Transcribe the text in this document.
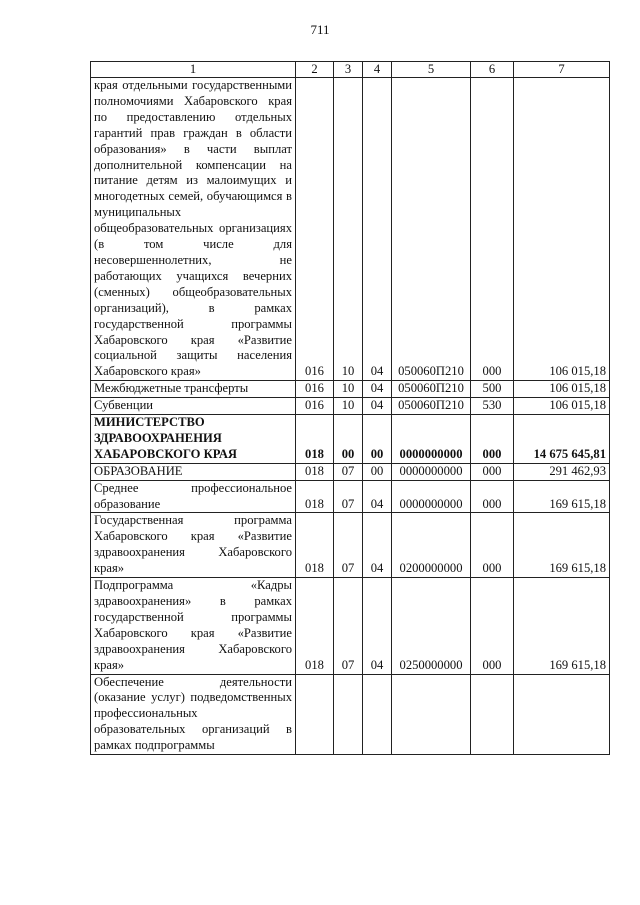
711
1	2	3	4	5	6	7
края отдельными государственными полномочиями Хабаровского края по предоставлению отдельных гарантий прав граждан в области образования» в части выплат дополнительной компенсации на питание детям из малоимущих и многодетных семей, обучающимся в муниципальных общеобразовательных организациях (в том числе для несовершеннолетних, не работающих учащихся вечерних (сменных) общеобразовательных организаций), в рамках государственной программы Хабаровского края «Развитие социальной защиты населения Хабаровского края»	016	10	04	050060П210	000	106 015,18
Межбюджетные трансферты	016	10	04	050060П210	500	106 015,18
Субвенции	016	10	04	050060П210	530	106 015,18
МИНИСТЕРСТВО ЗДРАВООХРАНЕНИЯ ХАБАРОВСКОГО КРАЯ	018	00	00	0000000000	000	14 675 645,81
ОБРАЗОВАНИЕ	018	07	00	0000000000	000	291 462,93
Среднее профессиональное образование	018	07	04	0000000000	000	169 615,18
Государственная программа Хабаровского края «Развитие здравоохранения Хабаровского края»	018	07	04	0200000000	000	169 615,18
Подпрограмма «Кадры здравоохранения» в рамках государственной программы Хабаровского края «Развитие здравоохранения Хабаровского края»	018	07	04	0250000000	000	169 615,18
Обеспечение деятельности (оказание услуг) подведомственных профессиональных образовательных организаций в рамках подпрограммы						
